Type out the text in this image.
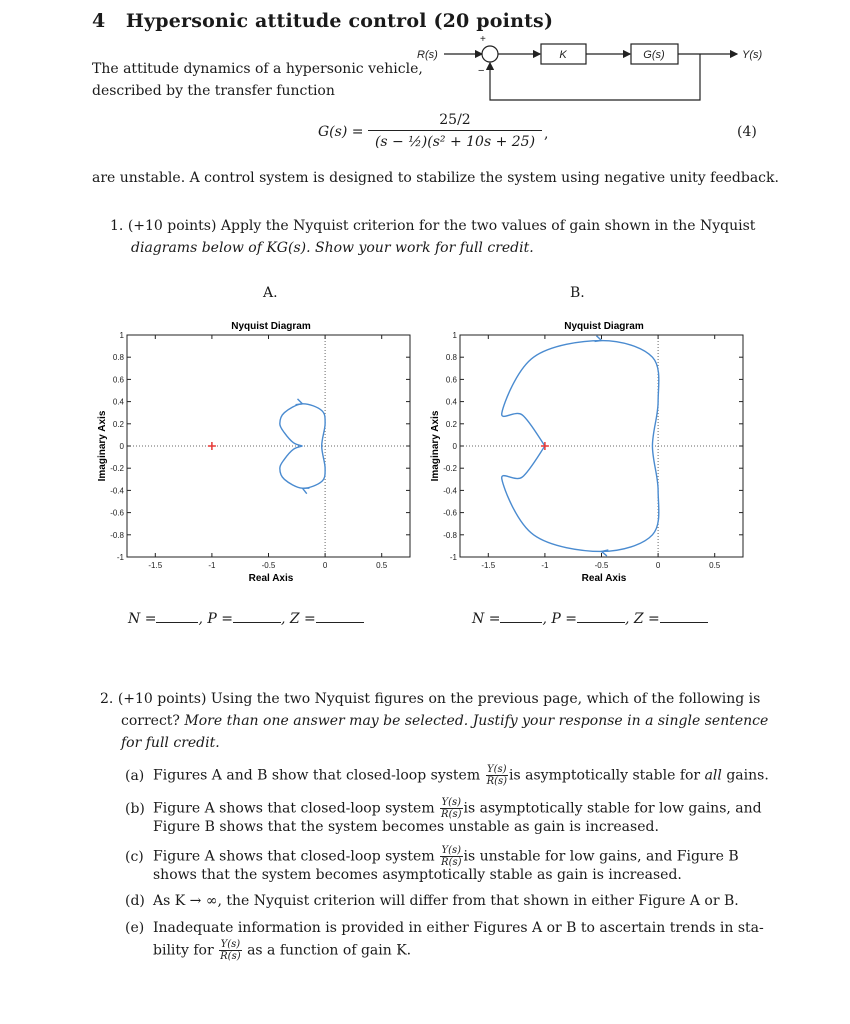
4 Hypersonic attitude control (20 points)
The attitude dynamics of a hypersonic vehicle,
described by the transfer function
R(s)
+
−
K	G(s)	Y(s)
G(s) =
25/2
(s − ½)(s² + 10s + 25) ,	(4)
are unstable. A control system is designed to stabilize the system using negative unity feedback.
1. (+10 points) Apply the Nyquist criterion for the two values of gain shown in the Nyquist
diagrams below of KG(s). Show your work for full credit.
A.	B.
Nyquist Diagram
Real Axis
Imaginary Axis
-1.5	-1	-0.5	0	0.5
1
0.8
0.6
0.4
0.2
0
-0.2
-0.4
-0.6
-0.8
-1
Nyquist Diagram
Real Axis
Imaginary Axis
-1.5	-1	-0.5	0	0.5
1
0.8
0.6
0.4
0.2
0
-0.2
-0.4
-0.6
-0.8
-1
N =	, P =	, Z =	N =	, P =	, Z =
2. (+10 points) Using the two Nyquist figures on the previous page, which of the following is
correct? More than one answer may be selected. Justify your response in a single sentence
for full credit.
(a) Figures A and B show that closed-loop system $\frac{Y(s)}{R(s)}$ is asymptotically stable for all gains.
(b) Figure A shows that closed-loop system $\frac{Y(s)}{R(s)}$ is asymptotically stable for low gains, and
Figure B shows that the system becomes unstable as gain is increased.
(c) Figure A shows that closed-loop system $\frac{Y(s)}{R(s)}$ is unstable for low gains, and Figure B
shows that the system becomes asymptotically stable as gain is increased.
(d) As K → ∞, the Nyquist criterion will differ from that shown in either Figure A or B.
(e) Inadequate information is provided in either Figures A or B to ascertain trends in sta-
bility for $\frac{Y(s)}{R(s)}$ as a function of gain K.
